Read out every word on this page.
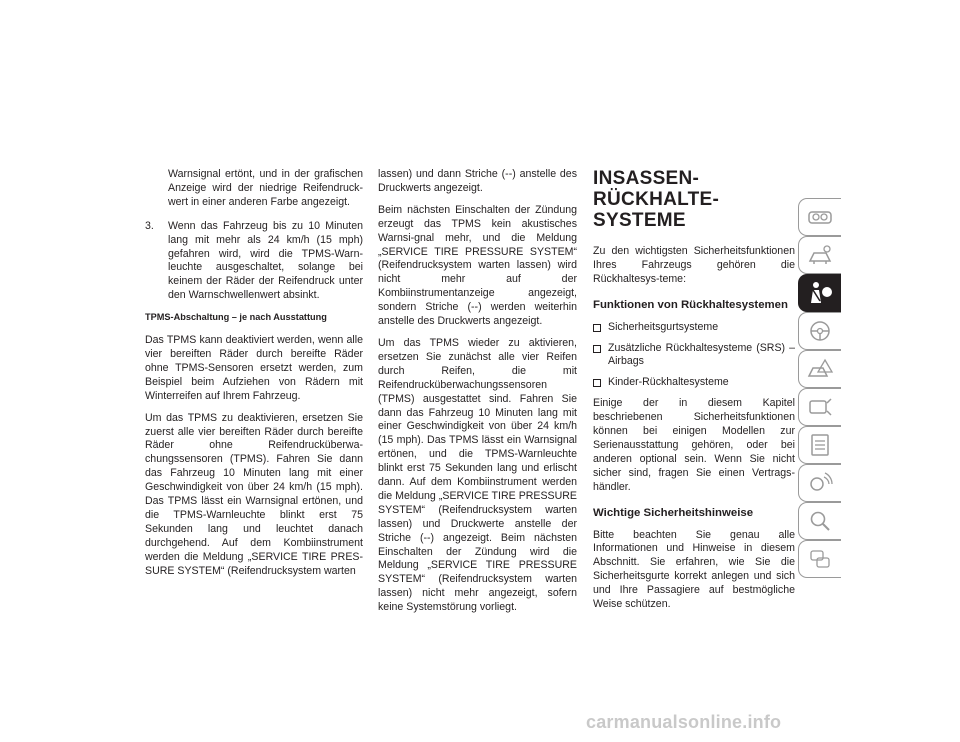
Warnsignal ertönt, und in der grafischen Anzeige wird der niedrige Reifendruck-wert in einer anderen Farbe angezeigt.

3.	Wenn das Fahrzeug bis zu 10 Minuten lang mit mehr als 24 km/h (15 mph) gefahren wird, wird die TPMS-Warn-leuchte ausgeschaltet, solange bei keinem der Räder der Reifendruck unter den Warnschwellenwert absinkt.
TPMS-Abschaltung – je nach Ausstattung

Das TPMS kann deaktiviert werden, wenn alle vier bereiften Räder durch bereifte Räder ohne TPMS-Sensoren ersetzt werden, zum Beispiel beim Aufziehen von Rädern mit Winterreifen auf Ihrem Fahrzeug.

Um das TPMS zu deaktivieren, ersetzen Sie zuerst alle vier bereiften Räder durch bereifte Räder ohne Reifendrucküberwa-chungssensoren (TPMS). Fahren Sie dann das Fahrzeug 10 Minuten lang mit einer Geschwindigkeit von über 24 km/h (15 mph). Das TPMS lässt ein Warnsignal ertönen, und die TPMS-Warnleuchte blinkt erst 75 Sekunden lang und leuchtet danach durchgehend. Auf dem Kombiinstrument werden die Meldung „SERVICE TIRE PRES-SURE SYSTEM“ (Reifendrucksystem warten

lassen) und dann Striche (--) anstelle des Druckwerts angezeigt.

Beim nächsten Einschalten der Zündung erzeugt das TPMS kein akustisches Warnsi-gnal mehr, und die Meldung „SERVICE TIRE PRESSURE SYSTEM“ (Reifendrucksystem warten lassen) wird nicht mehr auf der Kombiinstrumentanzeige angezeigt, sondern Striche (--) werden weiterhin anstelle des Druckwerts angezeigt.

Um das TPMS wieder zu aktivieren, ersetzen Sie zunächst alle vier Reifen durch Reifen, die mit Reifendrucküberwachungssensoren (TPMS) ausgestattet sind. Fahren Sie dann das Fahrzeug 10 Minuten lang mit einer Geschwindigkeit von über 24 km/h (15 mph). Das TPMS lässt ein Warnsignal ertönen, und die TPMS-Warnleuchte blinkt erst 75 Sekunden lang und erlischt dann. Auf dem Kombiinstrument werden die Meldung „SERVICE TIRE PRESSURE SYSTEM“ (Reifendrucksystem warten lassen) und Druckwerte anstelle der Striche (--) angezeigt. Beim nächsten Einschalten der Zündung wird die Meldung „SERVICE TIRE PRESSURE SYSTEM“ (Reifendrucksystem warten lassen) nicht mehr angezeigt, sofern keine Systemstörung vorliegt.

INSASSEN-RÜCKHALTE-
SYSTEME

Zu den wichtigsten Sicherheitsfunktionen Ihres Fahrzeugs gehören die Rückhaltesys-teme:

Funktionen von Rückhaltesystemen
Sicherheitsgurtsysteme
Zusätzliche Rückhaltesysteme (SRS) – Airbags
Kinder-Rückhaltesysteme

Einige der in diesem Kapitel beschriebenen Sicherheitsfunktionen können bei einigen Modellen zur Serienausstattung gehören, oder bei anderen optional sein. Wenn Sie nicht sicher sind, fragen Sie einen Vertrags-händler.

Wichtige Sicherheitshinweise

Bitte beachten Sie genau alle Informationen und Hinweise in diesem Abschnitt. Sie erfahren, wie Sie die Sicherheitsgurte korrekt anlegen und sich und Ihre Passagiere auf bestmögliche Weise schützen.

carmanualsonline.info
